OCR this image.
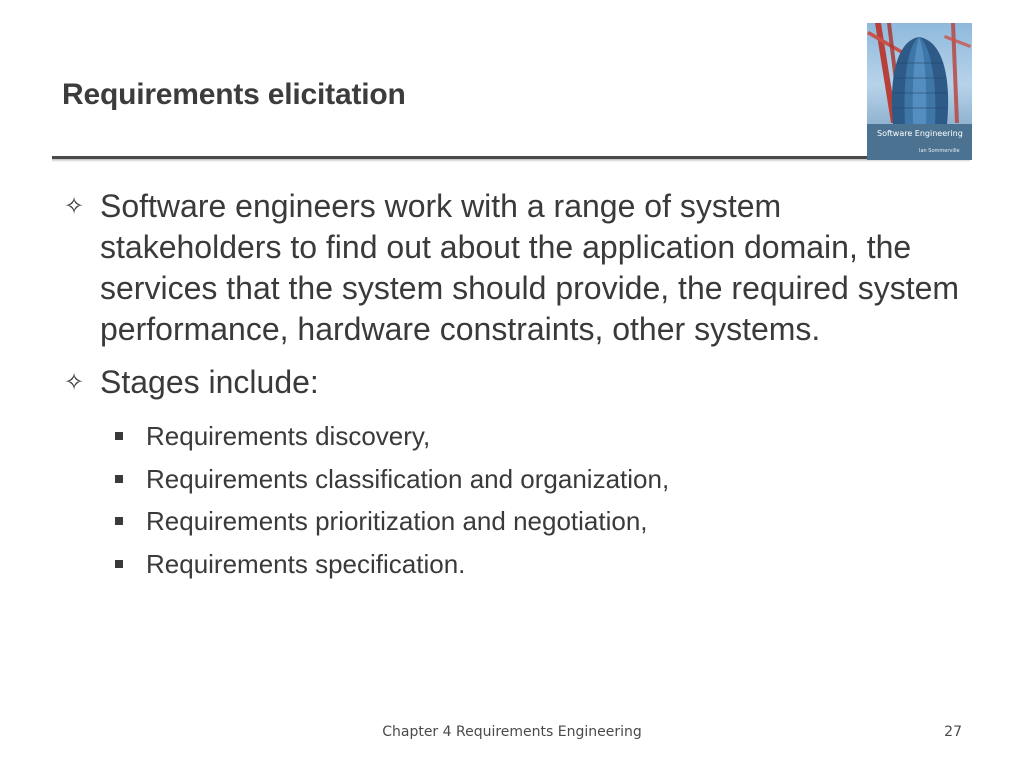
Requirements elicitation
Software Engineering
Ian Sommerville
✧ Software engineers work with a range of system stakeholders to find out about the application domain, the services that the system should provide, the required system performance, hardware constraints, other systems.
✧ Stages include:
Requirements discovery,
Requirements classification and organization,
Requirements prioritization and negotiation,
Requirements specification.
Chapter 4 Requirements Engineering	27
